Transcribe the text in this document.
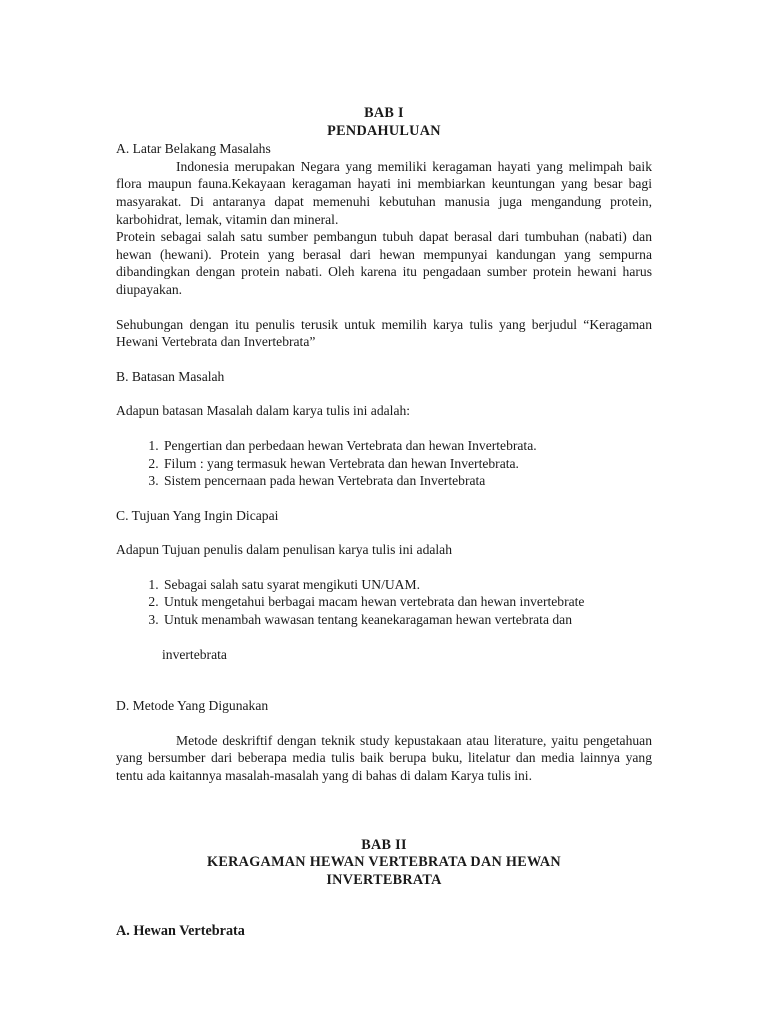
BAB I
PENDAHULUAN

A. Latar Belakang Masalahs

Indonesia merupakan Negara yang memiliki keragaman hayati yang melimpah baik flora maupun fauna.Kekayaan keragaman hayati ini membiarkan keuntungan yang besar bagi masyarakat. Di antaranya dapat memenuhi kebutuhan manusia juga mengandung protein, karbohidrat, lemak, vitamin dan mineral.

Protein sebagai salah satu sumber pembangun tubuh dapat berasal dari tumbuhan (nabati) dan hewan (hewani). Protein yang berasal dari hewan mempunyai kandungan yang sempurna dibandingkan dengan protein nabati. Oleh karena itu pengadaan sumber protein hewani harus diupayakan.

Sehubungan dengan itu penulis terusik untuk memilih karya tulis yang berjudul “Keragaman Hewani Vertebrata dan Invertebrata”

B. Batasan Masalah

Adapun batasan Masalah dalam karya tulis ini adalah:

1. Pengertian dan perbedaan hewan Vertebrata dan hewan Invertebrata.
2. Filum : yang termasuk hewan Vertebrata dan hewan Invertebrata.
3. Sistem pencernaan pada hewan Vertebrata dan Invertebrata

C. Tujuan Yang Ingin Dicapai

Adapun Tujuan penulis dalam penulisan karya tulis ini adalah

1. Sebagai salah satu syarat mengikuti UN/UAM.
2. Untuk mengetahui berbagai macam hewan vertebrata dan hewan invertebrate
3. Untuk menambah wawasan tentang keanekaragaman hewan vertebrata dan

invertebrata

D. Metode Yang Digunakan

Metode deskriftif dengan teknik study kepustakaan atau literature, yaitu pengetahuan yang bersumber dari beberapa media tulis baik berupa buku, litelatur dan media lainnya yang tentu ada kaitannya masalah-masalah yang di bahas di dalam Karya tulis ini.

BAB II
KERAGAMAN HEWAN VERTEBRATA DAN HEWAN
INVERTEBRATA

A. Hewan Vertebrata
